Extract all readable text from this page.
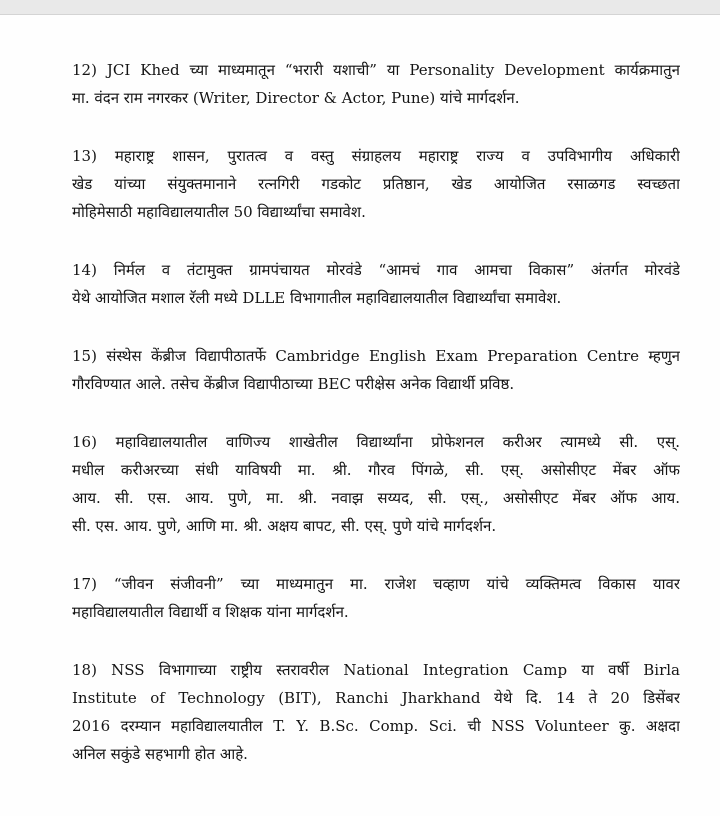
12) JCI Khed च्या माध्यमातून “भरारी यशाची” या Personality Development कार्यक्रमातुन
मा. वंदन राम नगरकर (Writer, Director & Actor, Pune) यांचे मार्गदर्शन.
13) महाराष्ट्र शासन, पुरातत्व व वस्तु संग्राहलय महाराष्ट्र राज्य व उपविभागीय अधिकारी
खेड यांच्या संयुक्तमानाने रत्नगिरी गडकोट प्रतिष्ठान, खेड आयोजित रसाळगड स्वच्छता
मोहिमेसाठी महाविद्यालयातील 50 विद्यार्थ्यांचा समावेश.
14) निर्मल व तंटामुक्त ग्रामपंचायत मोरवंडे “आमचं गाव आमचा विकास” अंतर्गत मोरवंडे
येथे आयोजित मशाल रॅली मध्ये DLLE विभागातील महाविद्यालयातील विद्यार्थ्यांचा समावेश.
15) संस्थेस केंब्रीज विद्यापीठातर्फे Cambridge English Exam Preparation Centre म्हणुन
गौरविण्यात आले. तसेच केंब्रीज विद्यापीठाच्या BEC परीक्षेस अनेक विद्यार्थी प्रविष्ठ.
16) महाविद्यालयातील वाणिज्य शाखेतील विद्यार्थ्यांना प्रोफेशनल करीअर त्यामध्ये सी. एस्.
मधील करीअरच्या संधी याविषयी मा. श्री. गौरव पिंगळे, सी. एस्. असोसीएट मेंबर ऑफ
आय. सी. एस. आय. पुणे, मा. श्री. नवाझ सय्यद, सी. एस्., असोसीएट मेंबर ऑफ आय.
सी. एस. आय. पुणे, आणि मा. श्री. अक्षय बापट, सी. एस्. पुणे यांचे मार्गदर्शन.
17) “जीवन संजीवनी” च्या माध्यमातुन मा. राजेश चव्हाण यांचे व्यक्तिमत्व विकास यावर
महाविद्यालयातील विद्यार्थी व शिक्षक यांना मार्गदर्शन.
18) NSS विभागाच्या राष्ट्रीय स्तरावरील National Integration Camp या वर्षी Birla
Institute of Technology (BIT), Ranchi Jharkhand येथे दि. 14 ते 20 डिसेंबर
2016 दरम्यान महाविद्यालयातील T. Y. B.Sc. Comp. Sci. ची NSS Volunteer कु. अक्षदा
अनिल सकुंडे सहभागी होत आहे.
